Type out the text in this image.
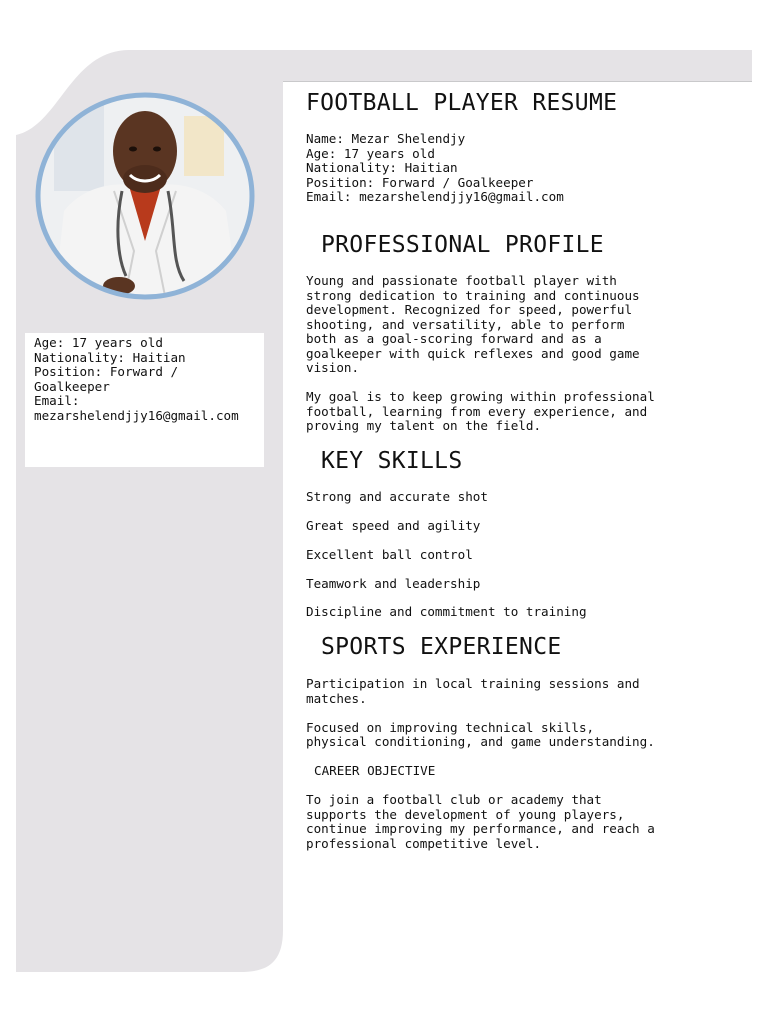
Age: 17 years old
Nationality: Haitian
Position: Forward /
Goalkeeper
Email:
mezarshelendjjy16@gmail.com
FOOTBALL PLAYER RESUME
Name: Mezar Shelendjy
Age: 17 years old
Nationality: Haitian
Position: Forward / Goalkeeper
Email: mezarshelendjjy16@gmail.com
PROFESSIONAL PROFILE
Young and passionate football player with
strong dedication to training and continuous
development. Recognized for speed, powerful
shooting, and versatility, able to perform
both as a goal-scoring forward and as a
goalkeeper with quick reflexes and good game
vision.
My goal is to keep growing within professional
football, learning from every experience, and
proving my talent on the field.
KEY SKILLS
Strong and accurate shot
Great speed and agility
Excellent ball control
Teamwork and leadership
Discipline and commitment to training
SPORTS EXPERIENCE
Participation in local training sessions and
matches.
Focused on improving technical skills,
physical conditioning, and game understanding.
CAREER OBJECTIVE
To join a football club or academy that
supports the development of young players,
continue improving my performance, and reach a
professional competitive level.
